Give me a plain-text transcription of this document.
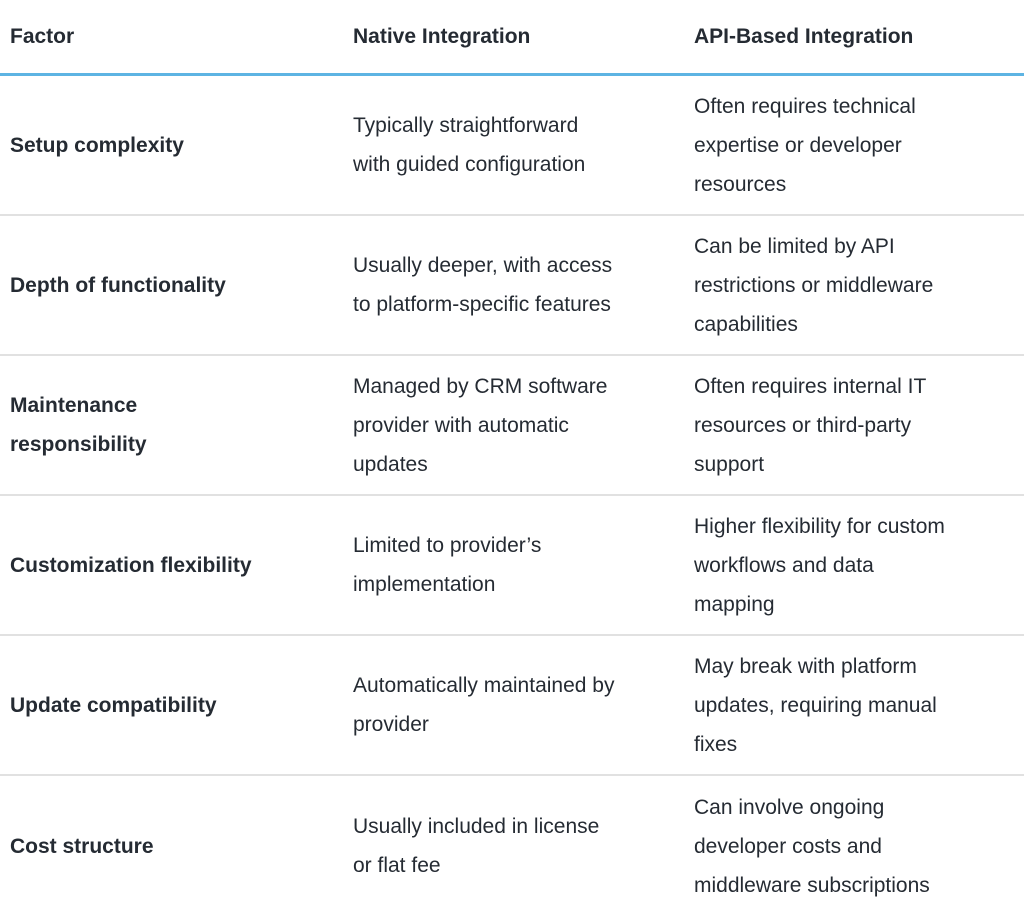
Factor	Native Integration	API-Based Integration
Setup complexity
Typically straightforward with guided configuration
Often requires technical expertise or developer resources
Depth of functionality
Usually deeper, with access to platform-specific features
Can be limited by API restrictions or middleware capabilities
Maintenance responsibility
Managed by CRM software provider with automatic updates
Often requires internal IT resources or third-party support
Customization flexibility
Limited to provider’s implementation
Higher flexibility for custom workflows and data mapping
Update compatibility
Automatically maintained by provider
May break with platform updates, requiring manual fixes
Cost structure
Usually included in license or flat fee
Can involve ongoing developer costs and middleware subscriptions
